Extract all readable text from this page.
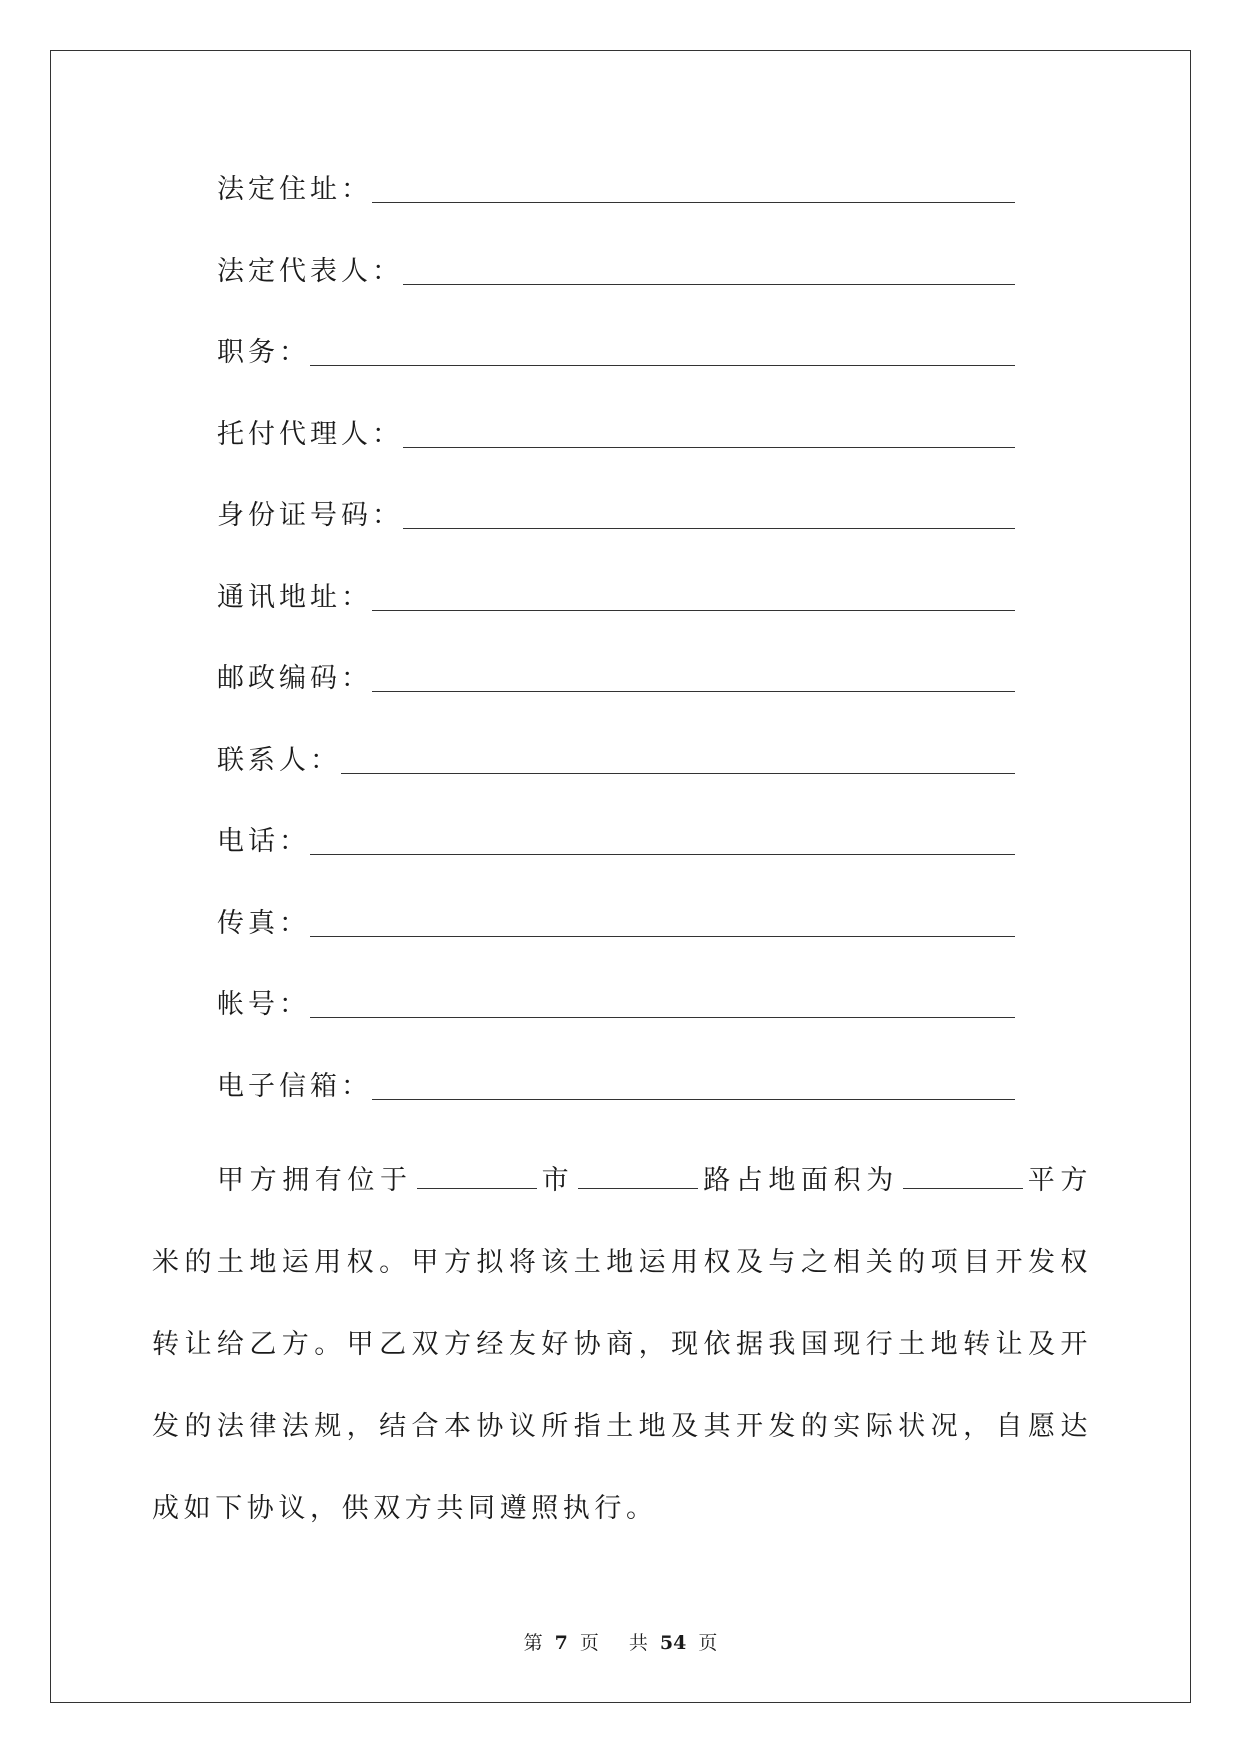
法定住址：
法定代表人：
职务：
托付代理人：
身份证号码：
通讯地址：
邮政编码：
联系人：
电话：
传真：
帐号：
电子信箱：
甲方拥有位于	市	路占地面积为	平方米的土地运用权。甲方拟将该土地运用权及与之相关的项目开发权转让给乙方。甲乙双方经友好协商，现依据我国现行土地转让及开发的法律法规，结合本协议所指土地及其开发的实际状况，自愿达成如下协议，供双方共同遵照执行。
第 7 页 共 54 页
